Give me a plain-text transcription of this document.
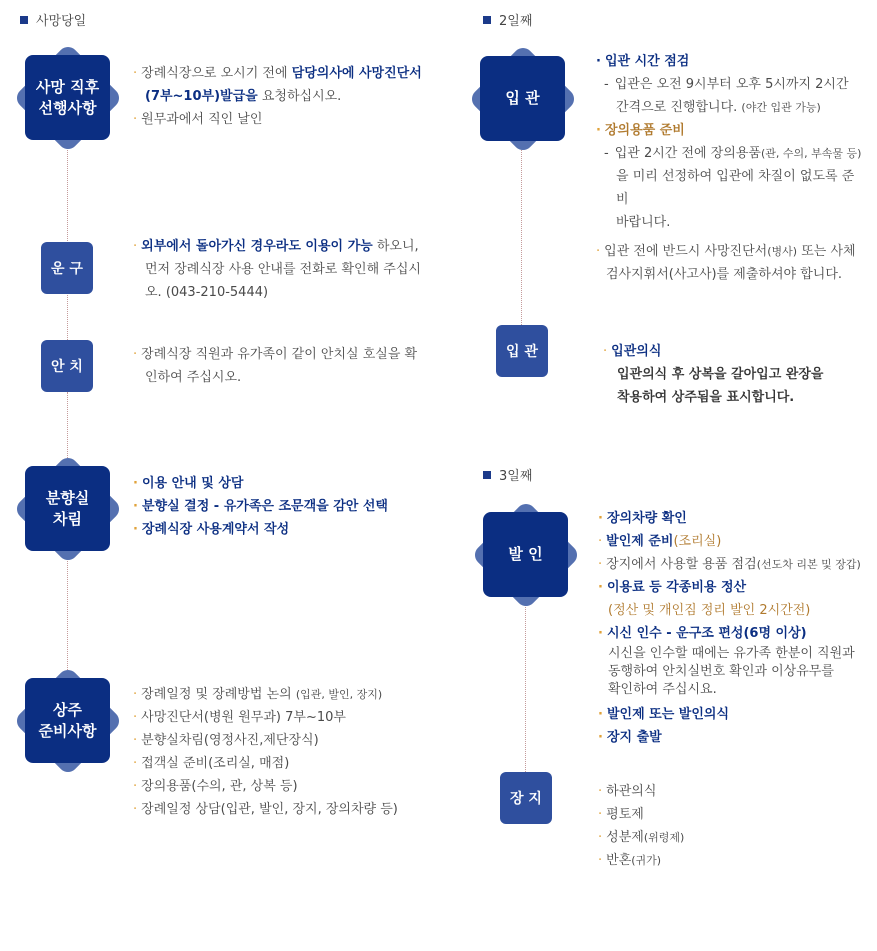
사망당일	2일째
3일째
사망 직후
선행사항
· 장례식장으로 오시기 전에 담당의사에 사망진단서
(7부~10부)발급을 요청하십시오.
· 원무과에서 직인 날인
운 구
· 외부에서 돌아가신 경우라도 이용이 가능 하오니,
먼저 장례식장 사용 안내를 전화로 확인해 주십시
오. (043-210-5444)
안 치
· 장례식장 직원과 유가족이 같이 안치실 호실을 확
인하여 주십시오.
분향실
차림
· 이용 안내 및 상담
· 분향실 결정 - 유가족은 조문객을 감안 선택
· 장례식장 사용계약서 작성
상주
준비사항
· 장례일정 및 장례방법 논의 (입관, 발인, 장지)
· 사망진단서(병원 원무과) 7부~10부
· 분향실차림(영정사진,제단장식)
· 접객실 준비(조리실, 매점)
· 장의용품(수의, 관, 상복 등)
· 장례일정 상담(입관, 발인, 장지, 장의차량 등)
입 관
· 입관 시간 점검
- 입관은 오전 9시부터 오후 5시까지 2시간
간격으로 진행합니다. (야간 입관 가능)
· 장의용품 준비
- 입관 2시간 전에 장의용품(관, 수의, 부속물 등)
을 미리 선정하여 입관에 차질이 없도록 준비
바랍니다.
· 입관 전에 반드시 사망진단서(병사) 또는 사체
검사지휘서(사고사)를 제출하셔야 합니다.
입 관	· 입관의식
입관의식 후 상복을 갈아입고 완장을
착용하여 상주됨을 표시합니다.
발 인
· 장의차량 확인
· 발인제 준비(조리실)
· 장지에서 사용할 용품 점검(선도차 리본 및 장갑)
· 이용료 등 각종비용 정산
(정산 및 개인짐 정리 발인 2시간전)
· 시신 인수 - 운구조 편성(6명 이상)
시신을 인수할 때에는 유가족 한분이 직원과
동행하여 안치실번호 확인과 이상유무를
확인하여 주십시요.
· 발인제 또는 발인의식
· 장지 출발
장 지	· 하관의식
· 평토제
· 성분제(위령제)
· 반혼(귀가)
